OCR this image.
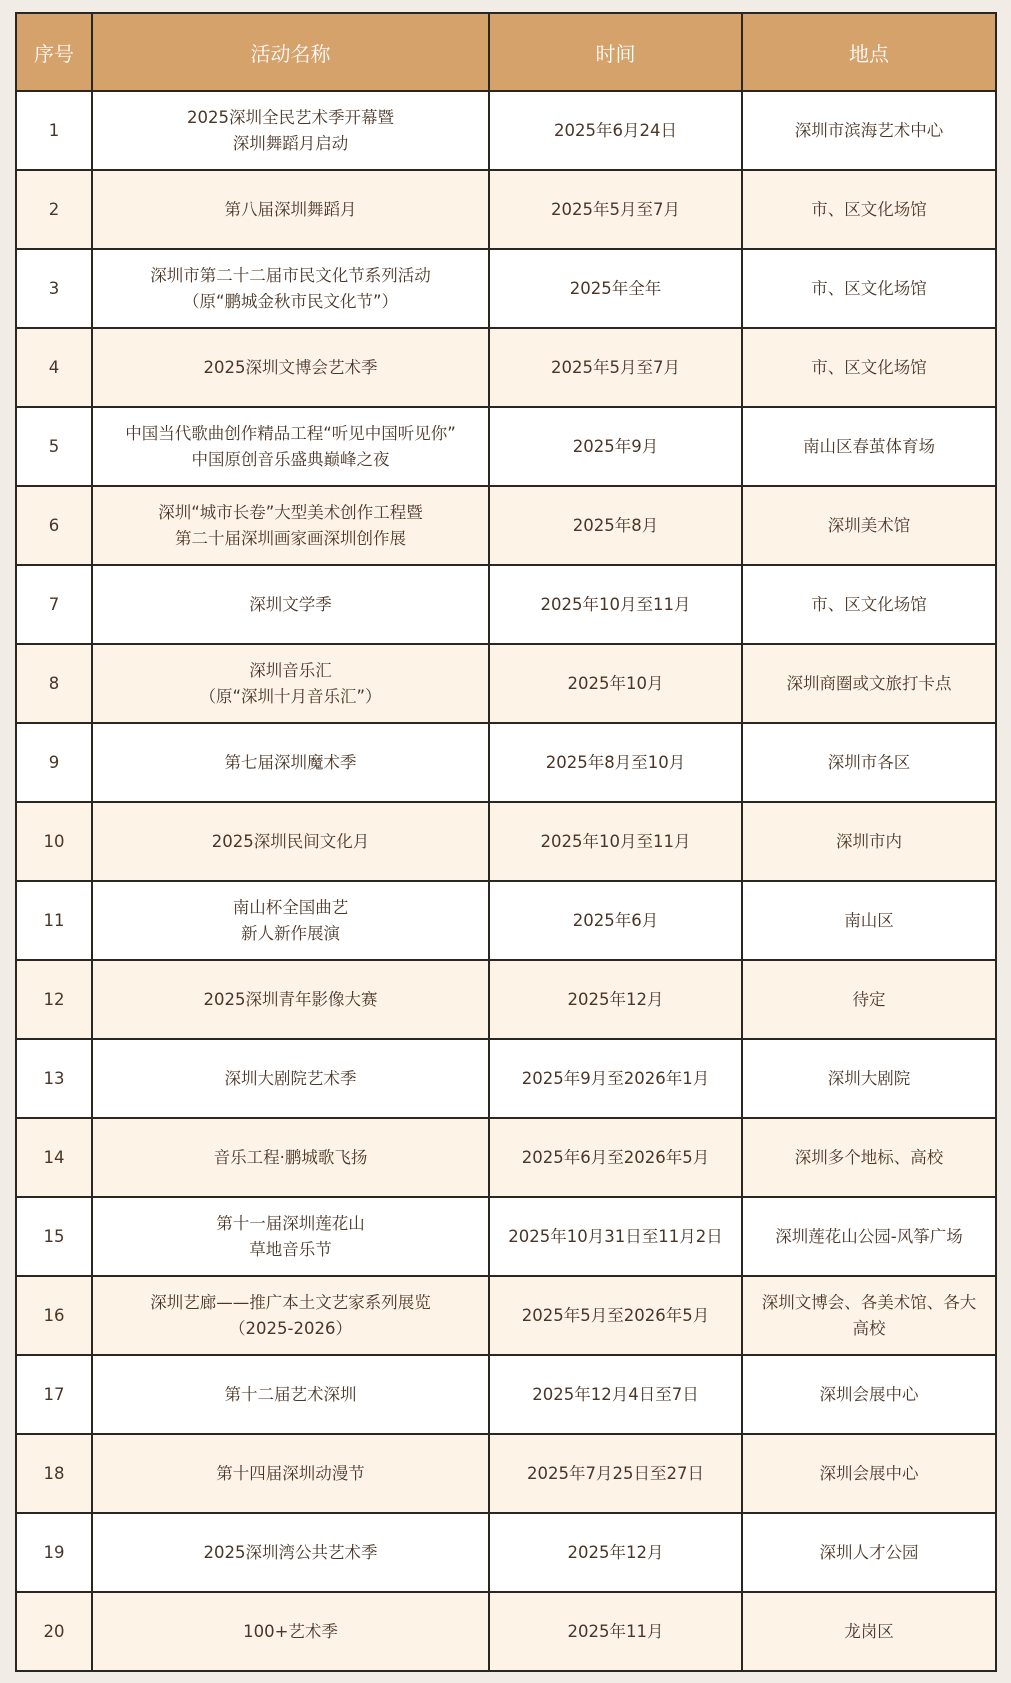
序号	活动名称	时间	地点
1	2025深圳全民艺术季开幕暨
深圳舞蹈月启动	2025年6月24日	深圳市滨海艺术中心

2	第八届深圳舞蹈月	2025年5月至7月	市、区文化场馆

3	深圳市第二十二届市民文化节系列活动
（原“鹏城金秋市民文化节”）	2025年全年	市、区文化场馆

4	2025深圳文博会艺术季	2025年5月至7月	市、区文化场馆

5	中国当代歌曲创作精品工程“听见中国听见你”
中国原创音乐盛典巅峰之夜	2025年9月	南山区春茧体育场

6	深圳“城市长卷”大型美术创作工程暨
第二十届深圳画家画深圳创作展	2025年8月	深圳美术馆

7	深圳文学季	2025年10月至11月	市、区文化场馆

8	深圳音乐汇
（原“深圳十月音乐汇”）	2025年10月	深圳商圈或文旅打卡点

9	第七届深圳魔术季	2025年8月至10月	深圳市各区

10	2025深圳民间文化月	2025年10月至11月	深圳市内

11	南山杯全国曲艺
新人新作展演	2025年6月	南山区

12	2025深圳青年影像大赛	2025年12月	待定

13	深圳大剧院艺术季	2025年9月至2026年1月	深圳大剧院

14	音乐工程·鹏城歌飞扬	2025年6月至2026年5月	深圳多个地标、高校

15	第十一届深圳莲花山
草地音乐节	2025年10月31日至11月2日	深圳莲花山公园-风筝广场

16	深圳艺廊——推广本土文艺家系列展览
（2025-2026）	2025年5月至2026年5月	深圳文博会、各美术馆、各大
高校

17	第十二届艺术深圳	2025年12月4日至7日	深圳会展中心

18	第十四届深圳动漫节	2025年7月25日至27日	深圳会展中心

19	2025深圳湾公共艺术季	2025年12月	深圳人才公园

20	100+艺术季	2025年11月	龙岗区
